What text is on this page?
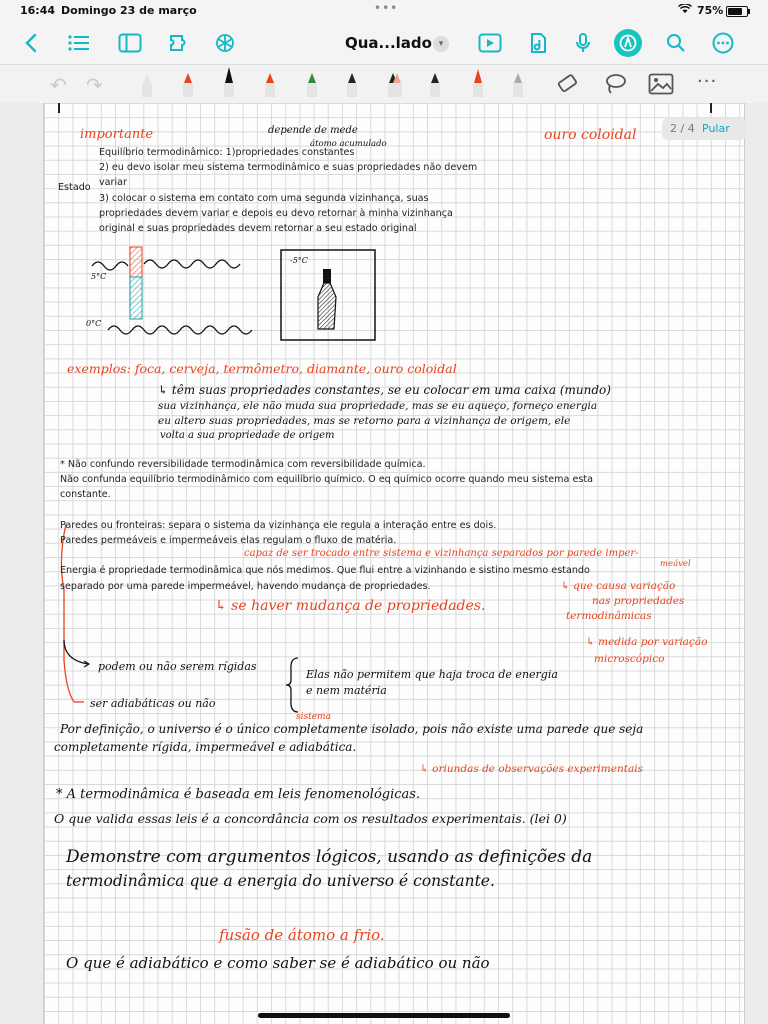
16:44 Domingo 23 de março	•••	75%
Qua...lado ▾
↶ ↷	···
2 / 4 Pular
importante	depende de mede
átomo acumulado
ouro coloidal
Equilíbrio termodinâmico: 1)propriedades constantes
2) eu devo isolar meu sistema termodinâmico e suas propriedades não devem
Estado variar
3) colocar o sistema em contato com uma segunda vizinhança, suas
propriedades devem variar e depois eu devo retornar à minha vizinhança
original e suas propriedades devem retornar a seu estado original
5°C
0°C
-5°C
exemplos: foca, cerveja, termômetro, diamante, ouro coloidal
↳ têm suas propriedades constantes, se eu colocar em uma caixa (mundo)
sua vizinhança, ele não muda sua propriedade, mas se eu aqueço, forneço energia
eu altero suas propriedades, mas se retorno para a vizinhança de origem, ele
volta a sua propriedade de origem
* Não confundo reversibilidade termodinâmica com reversibilidade química.
Não confunda equilíbrio termodinâmico com equilíbrio químico. O eq químico ocorre quando meu sistema esta
constante.
Paredes ou fronteiras: separa o sistema da vizinhança ele regula a interação entre es dois.
Paredes permeáveis e impermeáveis elas regulam o fluxo de matéria.
capaz de ser trocado entre sistema e vizinhança separados por parede imper-
meável
Energia é propriedade termodinâmica que nós medimos. Que flui entre a vizinhando e sistino mesmo estando
separado por uma parede impermeável, havendo mudança de propriedades.	↳ que causa variação
nas propriedades
termodinâmicas
↳ se haver mudança de propriedades.
↳ medida por variação
microscópico
podem ou não serem rígidas
ser adiabáticas ou não
Elas não permitem que haja troca de energia
e nem matéria
sistema
Por definição, o universo é o único completamente isolado, pois não existe uma parede que seja
completamente rígida, impermeável e adiabática.
↳ oriundas de observações experimentais
* A termodinâmica é baseada em leis fenomenológicas.
O que valida essas leis é a concordância com os resultados experimentais. (lei 0)
Demonstre com argumentos lógicos, usando as definições da
termodinâmica que a energia do universo é constante.
fusão de átomo a frio.
O que é adiabático e como saber se é adiabático ou não
